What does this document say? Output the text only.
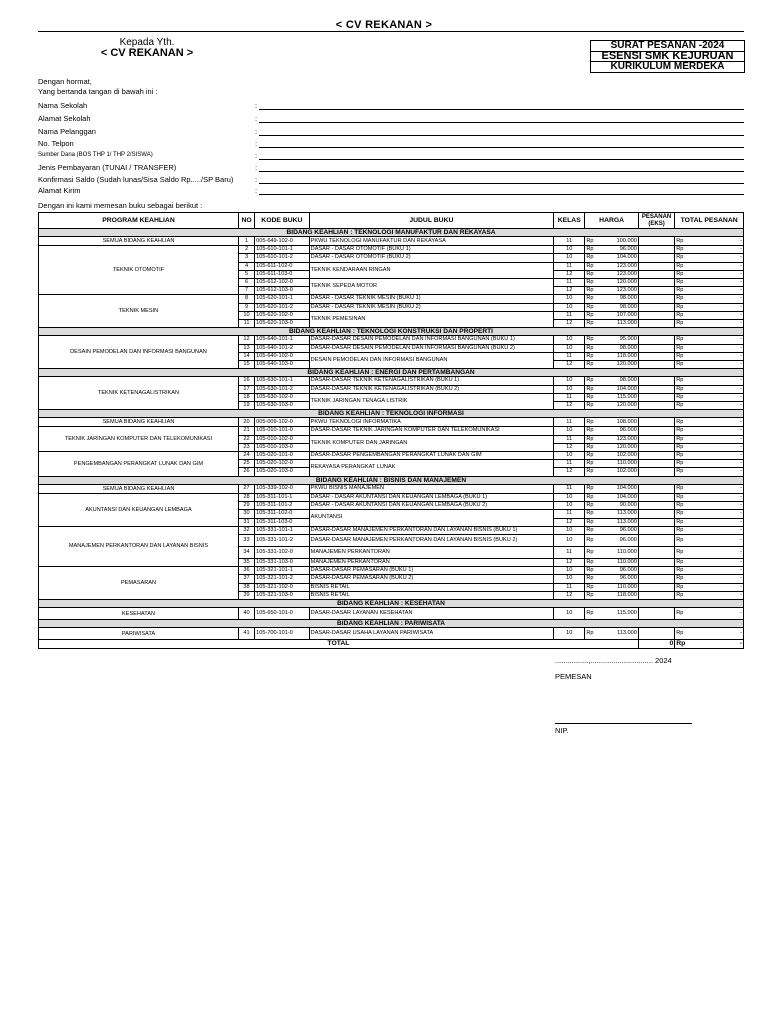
< CV REKANAN >
Kepada Yth.
< CV REKANAN >
SURAT PESANAN -2024
ESENSI SMK KEJURUAN
KURIKULUM MERDEKA
Dengan hormat,
Yang bertanda tangan di bawah ini :
Nama Sekolah	:
Alamat Sekolah	:
Nama Pelanggan	:
No. Telpon	:
Sumber Dana (BOS THP 1/ THP 2/SISWA)	:
Jenis Pembayaran (TUNAI / TRANSFER)	:
Konfirmasi Saldo (Sudah lunas/Sisa Saldo Rp...../SP Baru)	:
Alamat Kirim	:
Dengan ini kami memesan buku sebagai berikut :
PROGRAM KEAHLIAN	NO	KODE BUKU	JUDUL BUKU	KELAS	HARGA		PESANAN (EKS)	TOTAL PESANAN	
BIDANG KEAHLIAN : TEKNOLOGI MANUFAKTUR DAN REKAYASA									
SEMUA BIDANG KEAHLIAN	1	005-649-102-0	PKWU TEKNOLOGI MANUFAKTUR DAN REKAYASA	11	Rp	100.000		Rp	-
TEKNIK OTOMOTIF	2	105-610-101-1	DASAR - DASAR OTOMOTIF (BUKU 1)	10	Rp	96.000		Rp	-
	3	105-610-101-2	DASAR - DASAR OTOMOTIF (BUKU 2)	10	Rp	104.000		Rp	-
	4	105-611-102-0	TEKNIK KENDARAAN RINGAN	11	Rp	123.000		Rp	-
	5	105-611-103-0		12	Rp	123.000		Rp	-
	6	105-612-102-0	TEKNIK SEPEDA MOTOR	11	Rp	120.000		Rp	-
	7	105-612-103-0		12	Rp	123.000		Rp	-
TEKNIK MESIN	8	105-620-101-1	DASAR - DASAR TEKNIK MESIN (BUKU 1)	10	Rp	98.000		Rp	-
	9	105-620-101-2	DASAR - DASAR TEKNIK MESIN (BUKU 2)	10	Rp	98.000		Rp	-
	10	105-620-102-0	TEKNIK PEMESINAN	11	Rp	107.000		Rp	-
	11	105-620-103-0		12	Rp	113.000		Rp	-
BIDANG KEAHLIAN : TEKNOLOGI KONSTRUKSI DAN PROPERTI									
DESAIN PEMODELAN DAN INFORMASI BANGUNAN	12	105-640-101-1	DASAR-DASAR DESAIN PEMODELAN DAN INFORMASI BANGUNAN (BUKU 1)	10	Rp	95.000		Rp	-
	13	105-640-101-2	DASAR-DASAR DESAIN PEMODELAN DAN INFORMASI BANGUNAN (BUKU 2)	10	Rp	98.000		Rp	-
	14	105-640-102-0	DESAIN PEMODELAN DAN INFORMASI BANGUNAN	11	Rp	118.000		Rp	-
	15	105-640-103-0		12	Rp	120.000		Rp	-
BIDANG KEAHLIAN : ENERGI DAN PERTAMBANGAN									
TEKNIK KETENAGALISTRIKAN	16	105-630-101-1	DASAR-DASAR TEKNIK KETENAGALISTRIKAN (BUKU 1)	10	Rp	98.000		Rp	-
	17	105-630-101-2	DASAR-DASAR TEKNIK KETENAGALISTRIKAN (BUKU 2)	10	Rp	104.000		Rp	-
	18	105-630-102-0	TEKNIK JARINGAN TENAGA LISTRIK	11	Rp	115.000		Rp	-
	19	105-630-103-0		12	Rp	120.000		Rp	-
BIDANG KEAHLIAN : TEKNOLOGI INFORMASI									
SEMUA BIDANG KEAHLIAN	20	005-009-102-0	PKWU TEKNOLOGI INFORMATIKA	11	Rp	108.000		Rp	-
TEKNIK JARINGAN KOMPUTER DAN TELEKOMUNIKASI	21	105-010-101-0	DASAR-DASAR TEKNIK JARINGAN KOMPUTER DAN TELEKOMUNIKASI	10	Rp	96.000		Rp	-
	22	105-010-102-0	TEKNIK KOMPUTER DAN JARINGAN	11	Rp	123.000		Rp	-
	23	105-010-103-0		12	Rp	120.000		Rp	-
PENGEMBANGAN PERANGKAT LUNAK DAN GIM	24	105-020-101-0	DASAR-DASAR PENGEMBANGAN PERANGKAT LUNAK DAN GIM	10	Rp	102.000		Rp	-
	25	105-020-102-0	REKAYASA PERANGKAT LUNAK	11	Rp	110.000		Rp	-
	26	105-020-103-0		12	Rp	102.000		Rp	-
BIDANG KEAHLIAN : BISNIS DAN MANAJEMEN									
SEMUA BIDANG KEAHLIAN	27	105-339-102-0	PKWU BISNIS MANAJEMEN	11	Rp	104.000		Rp	-
AKUNTANSI DAN KEUANGAN LEMBAGA	28	105-311-101-1	DASAR - DASAR AKUNTANSI DAN KEUANGAN LEMBAGA (BUKU 1)	10	Rp	104.000		Rp	-
	29	105-311-101-2	DASAR - DASAR AKUNTANSI DAN KEUANGAN LEMBAGA (BUKU 2)	10	Rp	90.000		Rp	-
	30	105-311-102-0	AKUNTANSI	11	Rp	113.000		Rp	-
	31	105-311-103-0		12	Rp	113.000		Rp	-
MANAJEMEN PERKANTORAN DAN LAYANAN BISNIS	32	105-331-101-1	DASAR-DASAR MANAJEMEN PERKANTORAN DAN LAYANAN BISNIS (BUKU 1)	10	Rp	96.000		Rp	-
	33	105-331-101-2	DASAR-DASAR MANAJEMEN PERKANTORAN DAN LAYANAN BISNIS (BUKU 2)	10	Rp	96.000		Rp	-
	34	105-331-102-0	MANAJEMEN PERKANTORAN	11	Rp	110.000		Rp	-
	35	105-331-103-0	MANAJEMEN PERKANTORAN	12	Rp	110.000		Rp	-
PEMASARAN	36	105-321-101-1	DASAR-DASAR PEMASARAN (BUKU 1)	10	Rp	96.000		Rp	-
	37	105-321-101-2	DASAR-DASAR PEMASARAN (BUKU 2)	10	Rp	96.000		Rp	-
	38	105-321-102-0	BISNIS RETAIL	11	Rp	110.000		Rp	-
	39	105-321-103-0	BISNIS RETAIL	12	Rp	118.000		Rp	-
BIDANG KEAHLIAN : KESEHATAN									
KESEHATAN	40	105-650-101-0	DASAR-DASAR LAYANAN KESEHATAN	10	Rp	115.000		Rp	-
BIDANG KEAHLIAN : PARIWISATA									
PARIWISATA	41	105-700-101-0	DASAR-DASAR USAHA LAYANAN PARIWISATA	10	Rp	113.000		Rp	-
TOTAL							0	Rp	-
................,.............................. 2024
PEMESAN
NIP.
